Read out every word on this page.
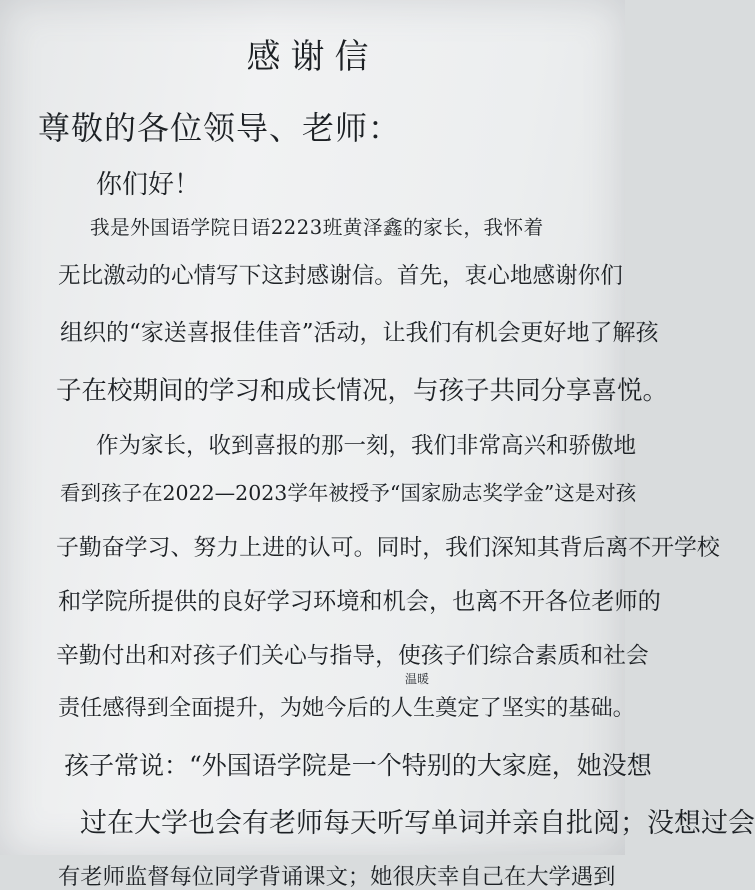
感谢信
尊敬的各位领导、老师：
你们好！
我是外国语学院日语2223班黄泽鑫的家长，我怀着
无比激动的心情写下这封感谢信。首先，衷心地感谢你们
组织的“家送喜报佳佳音”活动，让我们有机会更好地了解孩
子在校期间的学习和成长情况，与孩子共同分享喜悦。
作为家长，收到喜报的那一刻，我们非常高兴和骄傲地
看到孩子在2022—2023学年被授予“国家励志奖学金”这是对孩
子勤奋学习、努力上进的认可。同时，我们深知其背后离不开学校
和学院所提供的良好学习环境和机会，也离不开各位老师的
辛勤付出和对孩子们关心与指导，使孩子们综合素质和社会
责任感得到全面提升，为她今后的人生奠定了坚实的基础。
孩子常说：“外国语学院是一个特别的大家庭，她没想
过在大学也会有老师每天听写单词并亲自批阅；没想过会
有老师监督每位同学背诵课文；她很庆幸自己在大学遇到
温暖
